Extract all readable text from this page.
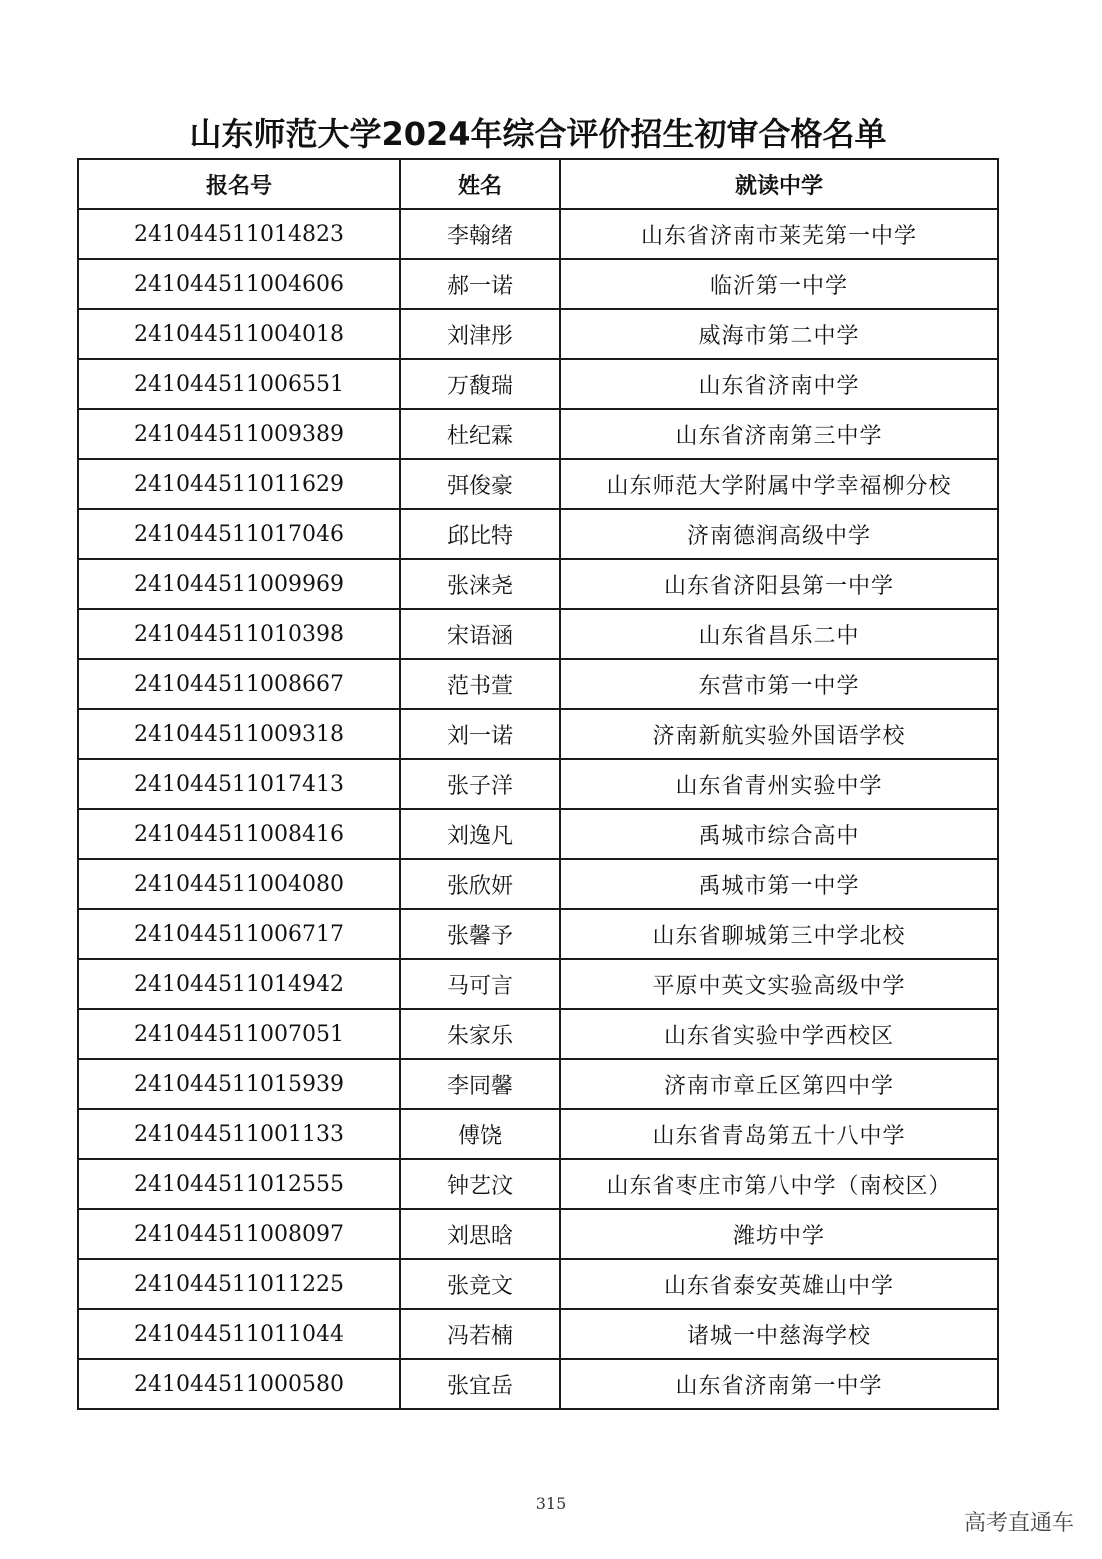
山东师范大学2024年综合评价招生初审合格名单
报名号	姓名	就读中学
241044511014823	李翰绪	山东省济南市莱芜第一中学
241044511004606	郝一诺	临沂第一中学
241044511004018	刘津彤	威海市第二中学
241044511006551	万馥瑞	山东省济南中学
241044511009389	杜纪霖	山东省济南第三中学
241044511011629	弭俊豪	山东师范大学附属中学幸福柳分校
241044511017046	邱比特	济南德润高级中学
241044511009969	张涞尧	山东省济阳县第一中学
241044511010398	宋语涵	山东省昌乐二中
241044511008667	范书萱	东营市第一中学
241044511009318	刘一诺	济南新航实验外国语学校
241044511017413	张子洋	山东省青州实验中学
241044511008416	刘逸凡	禹城市综合高中
241044511004080	张欣妍	禹城市第一中学
241044511006717	张馨予	山东省聊城第三中学北校
241044511014942	马可言	平原中英文实验高级中学
241044511007051	朱家乐	山东省实验中学西校区
241044511015939	李同馨	济南市章丘区第四中学
241044511001133	傅饶	山东省青岛第五十八中学
241044511012555	钟艺汶	山东省枣庄市第八中学（南校区）
241044511008097	刘思晗	潍坊中学
241044511011225	张竞文	山东省泰安英雄山中学
241044511011044	冯若楠	诸城一中慈海学校
241044511000580	张宜岳	山东省济南第一中学
315
高考直通车
